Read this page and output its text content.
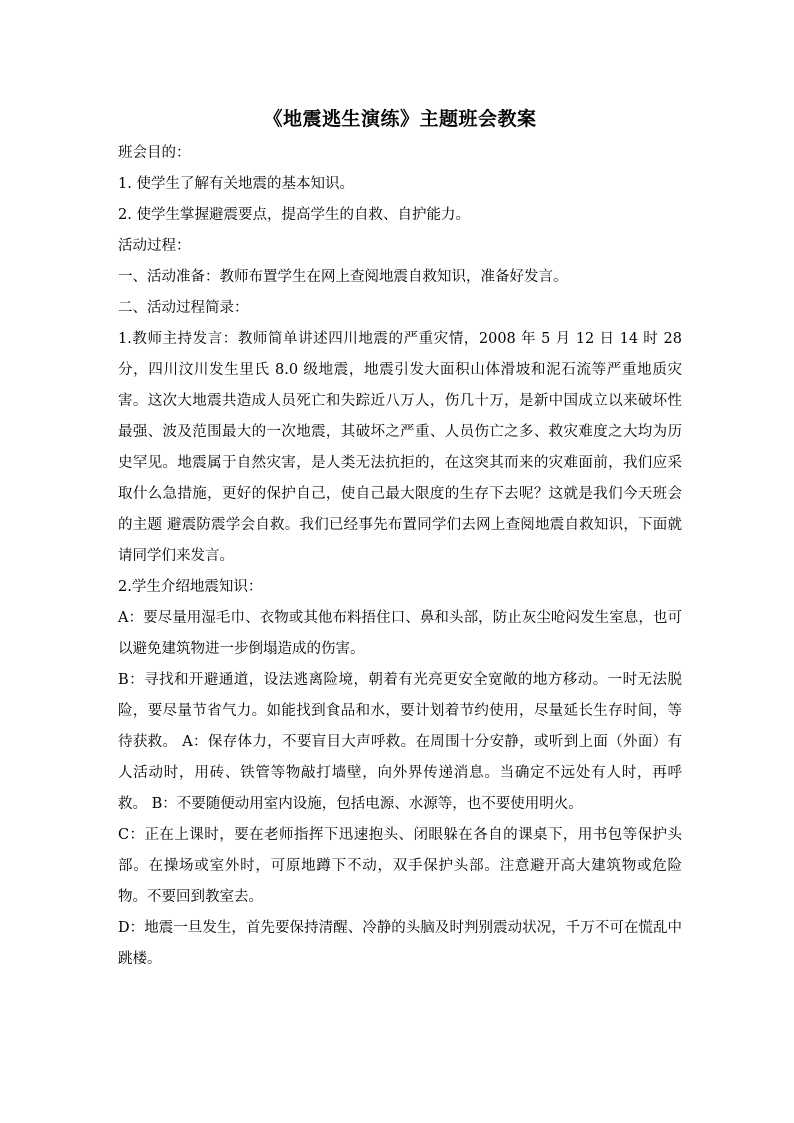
《地震逃生演练》主题班会教案

班会目的：

1. 使学生了解有关地震的基本知识。

2. 使学生掌握避震要点，提高学生的自救、自护能力。

活动过程：

一、活动准备：教师布置学生在网上查阅地震自救知识，准备好发言。

二、活动过程简录：

1.教师主持发言：教师简单讲述四川地震的严重灾情，2008 年 5 月 12 日 14 时 28 分，四川汶川发生里氏 8.0 级地震，地震引发大面积山体滑坡和泥石流等严重地质灾害。这次大地震共造成人员死亡和失踪近八万人，伤几十万，是新中国成立以来破坏性最强、波及范围最大的一次地震，其破坏之严重、人员伤亡之多、救灾难度之大均为历史罕见。地震属于自然灾害，是人类无法抗拒的，在这突其而来的灾难面前，我们应采取什么急措施，更好的保护自己，使自己最大限度的生存下去呢？这就是我们今天班会的主题 避震防震学会自救。我们已经事先布置同学们去网上查阅地震自救知识，下面就请同学们来发言。

2.学生介绍地震知识：

A：要尽量用湿毛巾、衣物或其他布料捂住口、鼻和头部，防止灰尘呛闷发生室息，也可以避免建筑物进一步倒塌造成的伤害。

B：寻找和开避通道，设法逃离险境，朝着有光亮更安全宽敞的地方移动。一时无法脱险，要尽量节省气力。如能找到食品和水，要计划着节约使用，尽量延长生存时间，等待获救。 A：保存体力，不要盲目大声呼救。在周围十分安静，或听到上面（外面）有人活动时，用砖、铁管等物敲打墙壁，向外界传递消息。当确定不远处有人时，再呼救。 B：不要随便动用室内设施，包括电源、水源等，也不要使用明火。

C：正在上课时，要在老师指挥下迅速抱头、闭眼躲在各自的课桌下，用书包等保护头部。在操场或室外时，可原地蹲下不动，双手保护头部。注意避开高大建筑物或危险物。不要回到教室去。

D：地震一旦发生，首先要保持清醒、冷静的头脑及时判别震动状况，千万不可在慌乱中跳楼。
